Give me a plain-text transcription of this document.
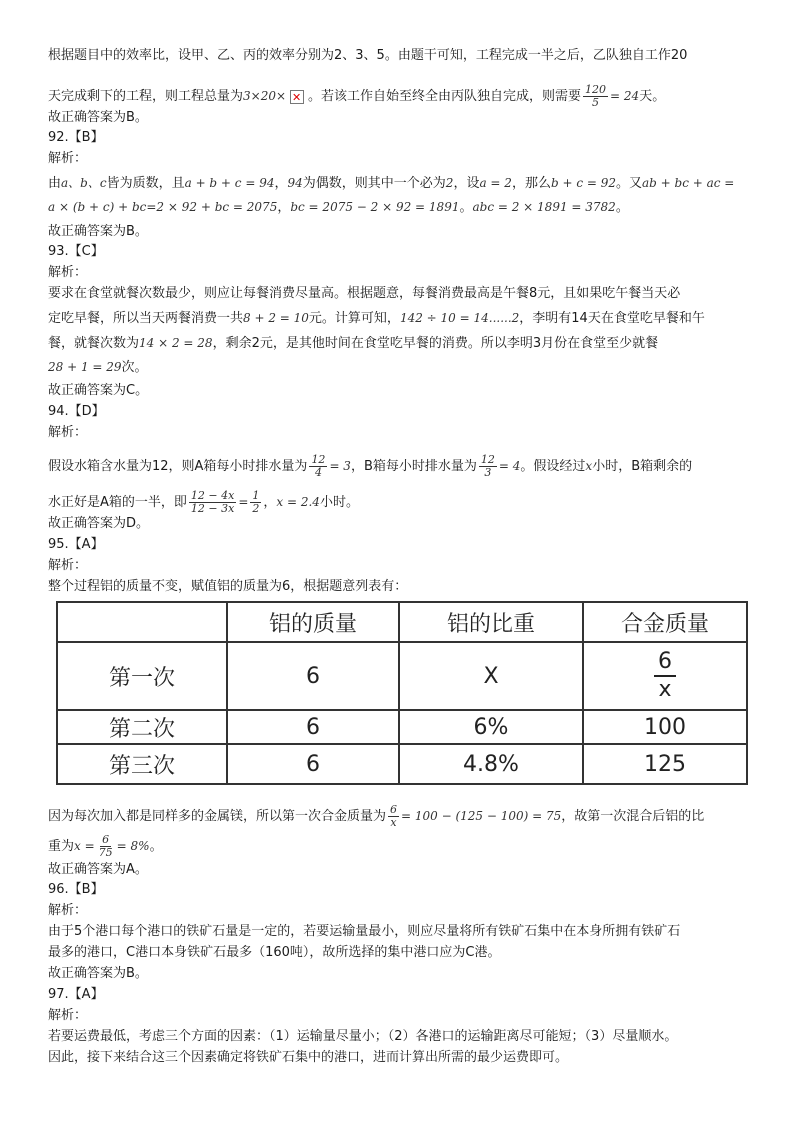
根据题目中的效率比，设甲、乙、丙的效率分别为2、3、5。由题干可知，工程完成一半之后，乙队独自工作20
天完成剩下的工程，则工程总量为3×20× ✕ 。若该工作自始至终全由丙队独自完成，则需要 $\frac{120}{5} = 24$天。
故正确答案为B。
92.【B】
解析：
由a、b、c皆为质数，且a + b + c = 94，94为偶数，则其中一个必为2，设a = 2，那么b + c = 92。又ab + bc + ac =
a × (b + c) + bc=2 × 92 + bc = 2075，bc = 2075 − 2 × 92 = 1891。abc = 2 × 1891 = 3782。
故正确答案为B。
93.【C】
解析：
要求在食堂就餐次数最少，则应让每餐消费尽量高。根据题意，每餐消费最高是午餐8元，且如果吃午餐当天必
定吃早餐，所以当天两餐消费一共8 + 2 = 10元。计算可知，142 ÷ 10 = 14......2，李明有14天在食堂吃早餐和午
餐，就餐次数为14 × 2 = 28，剩余2元，是其他时间在食堂吃早餐的消费。所以李明3月份在食堂至少就餐
28 + 1 = 29次。
故正确答案为C。
94.【D】
解析：
假设水箱含水量为12，则A箱每小时排水量为 $\frac{12}{4} = 3$，B箱每小时排水量为 $\frac{12}{3} = 4$。假设经过x小时，B箱剩余的
水正好是A箱的一半，即 $\frac{12 - 4x}{12 - 3x} = \frac{1}{2}$ ，x = 2.4小时。
故正确答案为D。
95.【A】
解析：
整个过程铝的质量不变，赋值铝的质量为6，根据题意列表有：
	铝的质量	铝的比重	合金质量
第一次	6	X	$\frac{6}{x}$

第二次	6	6%	100
第三次	6	4.8%	125
因为每次加入都是同样多的金属镁，所以第一次合金质量为 $\frac{6}{x} = 100 - (125 - 100) = 75$，故第一次混合后铝的比
重为$x = \frac{6}{75} = 8\%$。
故正确答案为A。
96.【B】
解析：
由于5个港口每个港口的铁矿石量是一定的，若要运输量最小，则应尽量将所有铁矿石集中在本身所拥有铁矿石
最多的港口，C港口本身铁矿石最多（160吨），故所选择的集中港口应为C港。
故正确答案为B。
97.【A】
解析：
若要运费最低，考虑三个方面的因素：（1）运输量尽量小；（2）各港口的运输距离尽可能短；（3）尽量顺水。
因此，接下来结合这三个因素确定将铁矿石集中的港口，进而计算出所需的最少运费即可。
